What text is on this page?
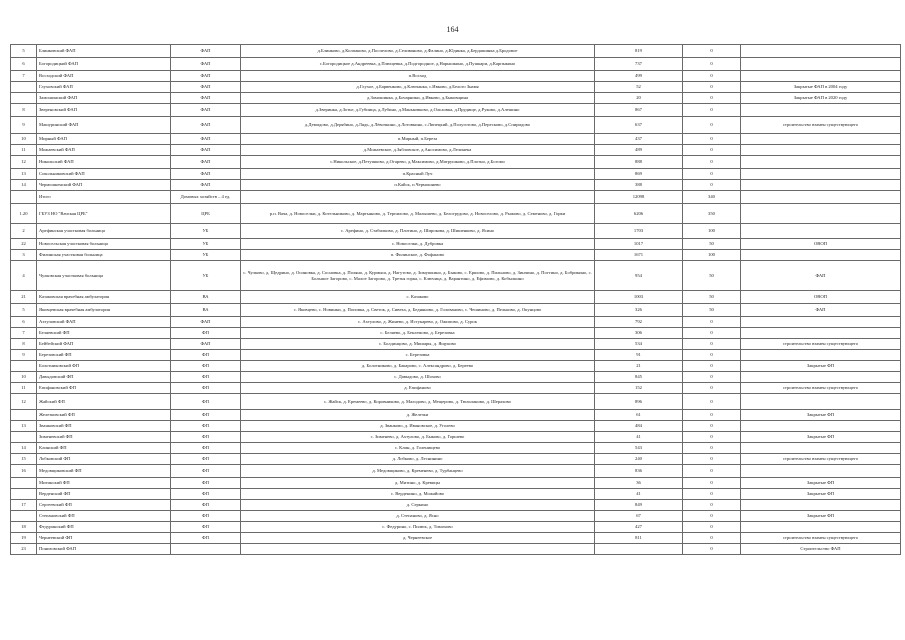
164
5	Блинковский ФАП	ФАП	д.Блинково, д.Колпаково, д.Поспелово, д.Селиваново, д.Фалино, д.Юдинка, д.Бердашинка д.Бродовое	819	0	
6	Богородицкий ФАП	ФАП	с.Богородицкое д.Андреевка, д.Плющевка, д.Подгородное, д.Нарышкино, д.Пушкари, д.Карпыкино	737	0	
7	Восходский ФАП	ФАП	п.Восход	499	0	
	Глуховский ФАП	ФАП	д.Глухое, д.Барвенково, д.Ключанка, с.Ивково, д.Белого Знамя	52	0	Закрытые ФАП в 2004 году
	Замошинский ФАП	ФАП	д.Замошинка, д.Бочарники, д.Ивково, д.Быковщина	20	0	Закрытые ФАП в 2020 году
8	Звереновский ФАП	ФАП	д.Зверинка, д.Зотье, д.Губиица, д.Лубино, д.Маньковково, д.Ольховка, д.Прудище, д.Руково, д.Алешино	867	0	
9	Машуринский ФАП	ФАП	д.Демидово, д.Дерябино, д.Лядь, д.Лёвочкино, д.Лотовкино, с.Липецкий, д.Полуготово, д.Пересково, д.Спиридово	637	0	строительство взамен существующего
10	Мирный ФАП	ФАП	п.Мирный, п.Береза	437	0	
11	Можаевский ФАП	ФАП	д.Можаевское, д.Зябловское, д.Аносимово, д.Лелинека	489	0	
12	Никольский ФАП	ФАП	с.Никольское, д.Петушково, д.Огарево, д.Максимово, д.Матрушково, д.Плотно, д.Богомо	888	0	
13	Сокольниковский ФАП	ФАП	п.Красный Луч	869	0	
14	Чермошненский ФАП	ФАП	п.Кайск, п.Чермошнево	388	0	
	Итого	Домовых хозяйств – 4 ед.		12098	340	
1.20	ГБУЗ НО "Вачская ЦРБ"	ЦРБ	р.п. Вача, д. Новоселки, д. Котельниково, д. Мартьяново, д. Терпилово, д. Малышево, д. Белогрудово, д. Новоселово, д. Рыжово, д. Семеново, д. Горки	6206	350	
2	Арефинская участковая больница	УБ	с. Арефино, д. Стабилково, д. Плотино, д. Широкова, д. Шишенково, д. Ясино	1703	100	
22	Новосельская участковая больница	УБ	с. Новоселки, д. Дубровка	1017	50	ОВОП
3	Филинская участковая больница	УБ	п. Филинское, д. Фофаново	1671	100	
4	Чулковская участковая больница	УБ	с. Чулково, д. Щедрино, д. Осиновка, д. Сосновка, д. Поляно, д. Курмыш, д. Нагутово, д. Зимушкино, д. Быково, с. Ершово, д. Пильново, д. Зинчино, д. Погтино, д. Бобрикино, с. Большое Загорово, с. Малое Загорово, д. Третья горка, с. Ключица, д. Варантино, д. Ефимово, д. Кобылкино	954	50	ФАП
21	Казаковская врачебная амбулатория	ВА	с. Казаково	1003	50	ОВОП
5	Яковцевская врачебная амбулатория	ВА	с. Яковцево, с. Новинки, д. Поповка, д. Светок, д. Сивеха, д. Бедняново, д. Голованово, с. Чешиново, д. Пельково, д. Окунцово	326	50	ФАП
6	Ахтуловский ФАП	ФАП	с. Ахтулово, д. Жинево, д. Истукарево, д. Ожипово, д. Сурок	792	0	
7	Беляевский ФП	ФП	с. Беляево, д. Беклемово, д. Березовка	306	0	
8	Бейбейский ФАП	ФАП	с. Болдинцово, д. Мишары, д. Ящуково	534	0	строительство взамен существующего
9	Березовский ФП	ФП	с. Березовка	91	0	
	Болотниковский ФП	ФП	д. Болотниково, д. Бакарово, с. Александрово, д. Береево	21	0	Закрытые ФП
10	Давыдовский ФП	ФП	с. Давыдово, д. Шохово	845	0	
11	Епифановский ФП	ФП	д. Епифаново	152	0	строительство взамен существующего
12	Жайский ФП	ФП	с. Жайск, д. Еремеево, д. Коровниково, д. Малодово, д. Мещерово, д. Тюльпаново, д. Шерахово	896	0	
	Железковский ФП	ФП	д. Железки	61	0	Закрытые ФП
13	Званковский ФП	ФП	д. Званково, д. Ивановское, д. Уголево	484	0	
	Зименевский ФП	ФП	с. Зименево, д. Ахтулово, д. Быково, д. Горшево	41	0	Закрытые ФП
14	Клинский ФП	ФП	с. Клин, д. Голенищево	543	0	
15	Лобковский ФП	ФП	д. Лобково, д. Леснинино	240	0	строительство взамен существующего
16	Медовщиковский ФП	ФП	д. Медовщиково, д. Кременево, д. Турбанцево	836	0	
	Митинский ФП	ФП	д. Митино, д. Кревицы	36	0	Закрытые ФП
	Верденский ФП	ФП	с. Верденино, д. Можайово	41	0	Закрытые ФП
17	Сергеевский ФП	ФП	д. Серкино	849	0	
	Степановский ФП	ФП	д. Степаново, д. Ясно	67	0	Закрытые ФП
18	Федуринский ФП	ФП	с. Федурино, с. Пилюк, д. Тимохово	427	0	
19	Чернеевский ФП	ФП	д. Чернеевское	811	0	строительство взамен существующего
23	Понизовский ФАП				0	Строительство ФАП
